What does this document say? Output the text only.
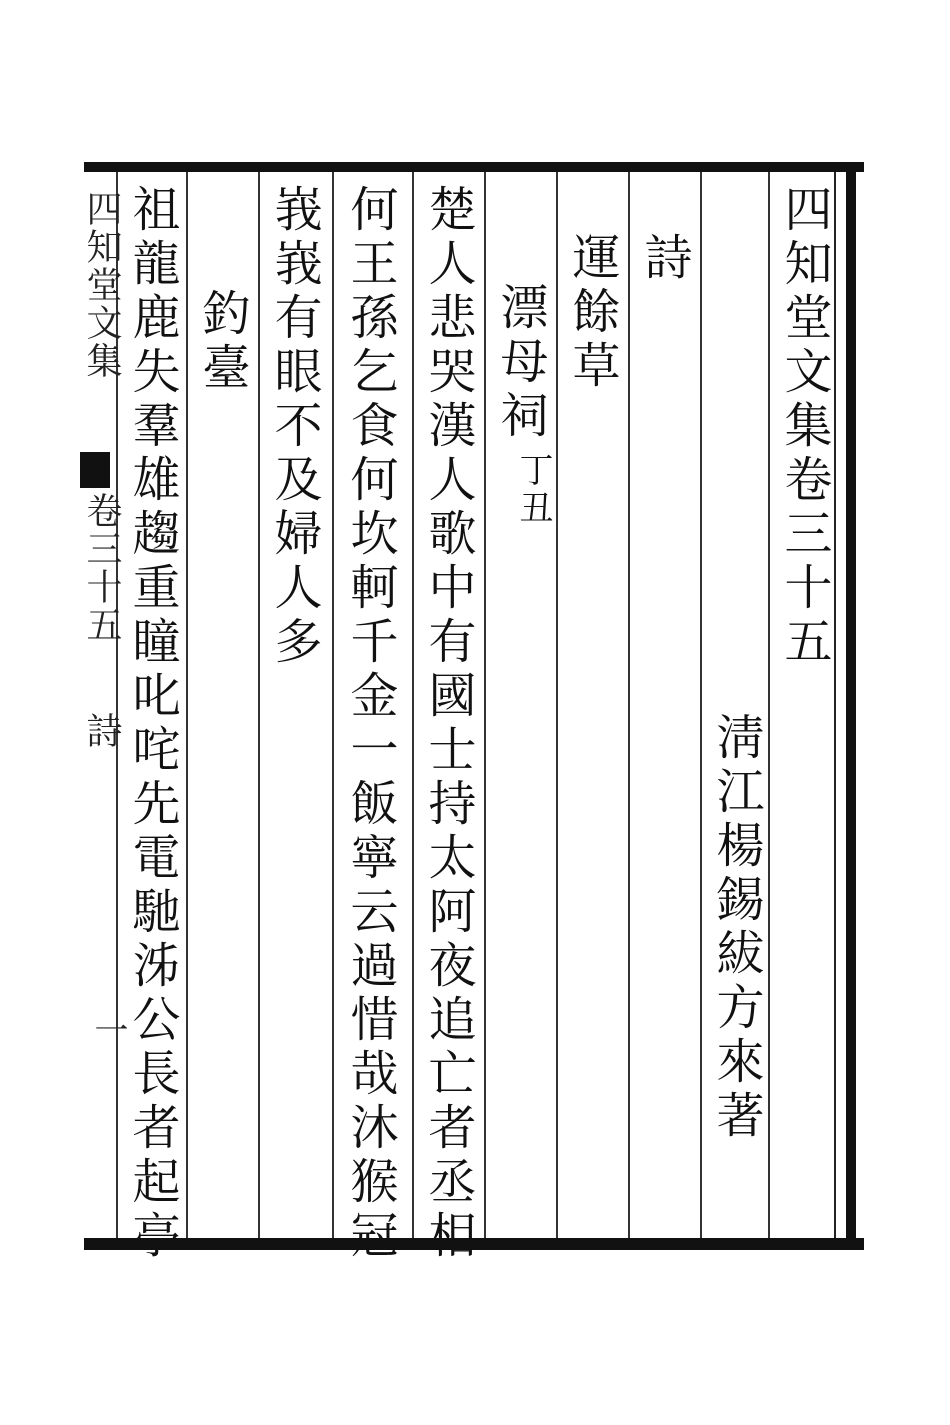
四知堂文集卷三十五
淸江楊錫紱方來著
詩
運餘草
漂母祠
丁丑
楚人悲哭漢人歌中有國士持太阿夜追亡者丞相
何王孫乞食何坎軻千金一飯寧云過惜哉沐猴冠
峩峩有眼不及婦人多
釣臺
祖龍鹿失羣雄趨重瞳叱咤先電馳泲公長者起亭
四知堂文集
卷三十五
詩
一
